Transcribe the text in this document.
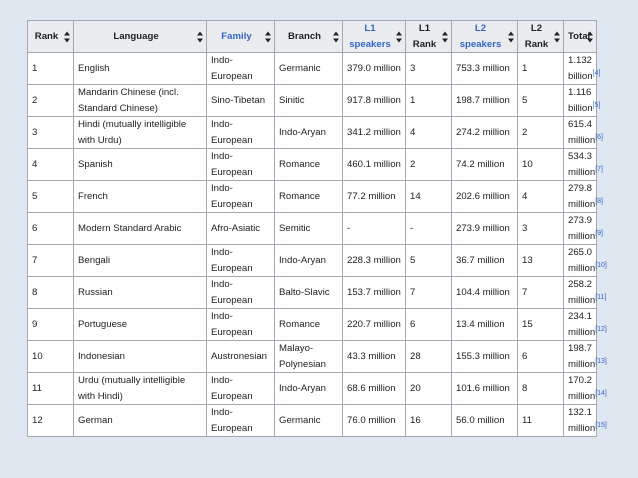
Rank	Language	Family	Branch	L1 speakers	L1 Rank	L2 speakers	L2 Rank	Total

1	English	Indo-European	Germanic	379.0 million	3	753.3 million	1	1.132 billion[4]
2	Mandarin Chinese (incl. Standard Chinese)	Sino-Tibetan	Sinitic	917.8 million	1	198.7 million	5	1.116 billion[5]
3	Hindi (mutually intelligible with Urdu)	Indo-European	Indo-Aryan	341.2 million	4	274.2 million	2	615.4 million[6]
4	Spanish	Indo-European	Romance	460.1 million	2	74.2 million	10	534.3 million[7]
5	French	Indo-European	Romance	77.2 million	14	202.6 million	4	279.8 million[8]
6	Modern Standard Arabic	Afro-Asiatic	Semitic	-	-	273.9 million	3	273.9 million[9]
7	Bengali	Indo-European	Indo-Aryan	228.3 million	5	36.7 million	13	265.0 million[10]
8	Russian	Indo-European	Balto-Slavic	153.7 million	7	104.4 million	7	258.2 million[11]
9	Portuguese	Indo-European	Romance	220.7 million	6	13.4 million	15	234.1 million[12]
10	Indonesian	Austronesian	Malayo-Polynesian	43.3 million	28	155.3 million	6	198.7 million[13]
11	Urdu (mutually intelligible with Hindi)	Indo-European	Indo-Aryan	68.6 million	20	101.6 million	8	170.2 million[14]
12	German	Indo-European	Germanic	76.0 million	16	56.0 million	11	132.1 million[15]
